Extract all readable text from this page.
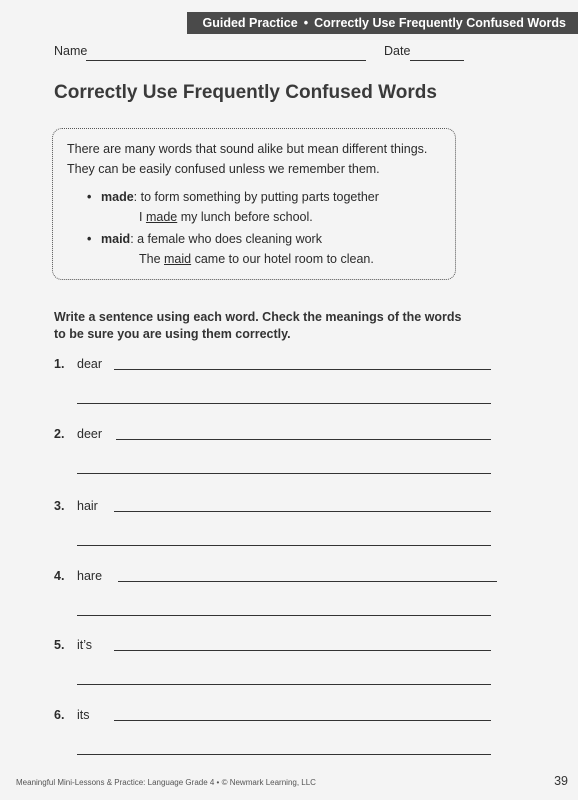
Guided Practice • Correctly Use Frequently Confused Words
Name	Date
Correctly Use Frequently Confused Words

There are many words that sound alike but mean different things. They can be easily confused unless we remember them.

• made: to form something by putting parts together
I made my lunch before school.
• maid: a female who does cleaning work
The maid came to our hotel room to clean.
Write a sentence using each word. Check the meanings of the words to be sure you are using them correctly.
1. dear
2. deer
3. hair
4. hare
5. it’s
6. its
Meaningful Mini-Lessons & Practice: Language Grade 4 • © Newmark Learning, LLC	39
